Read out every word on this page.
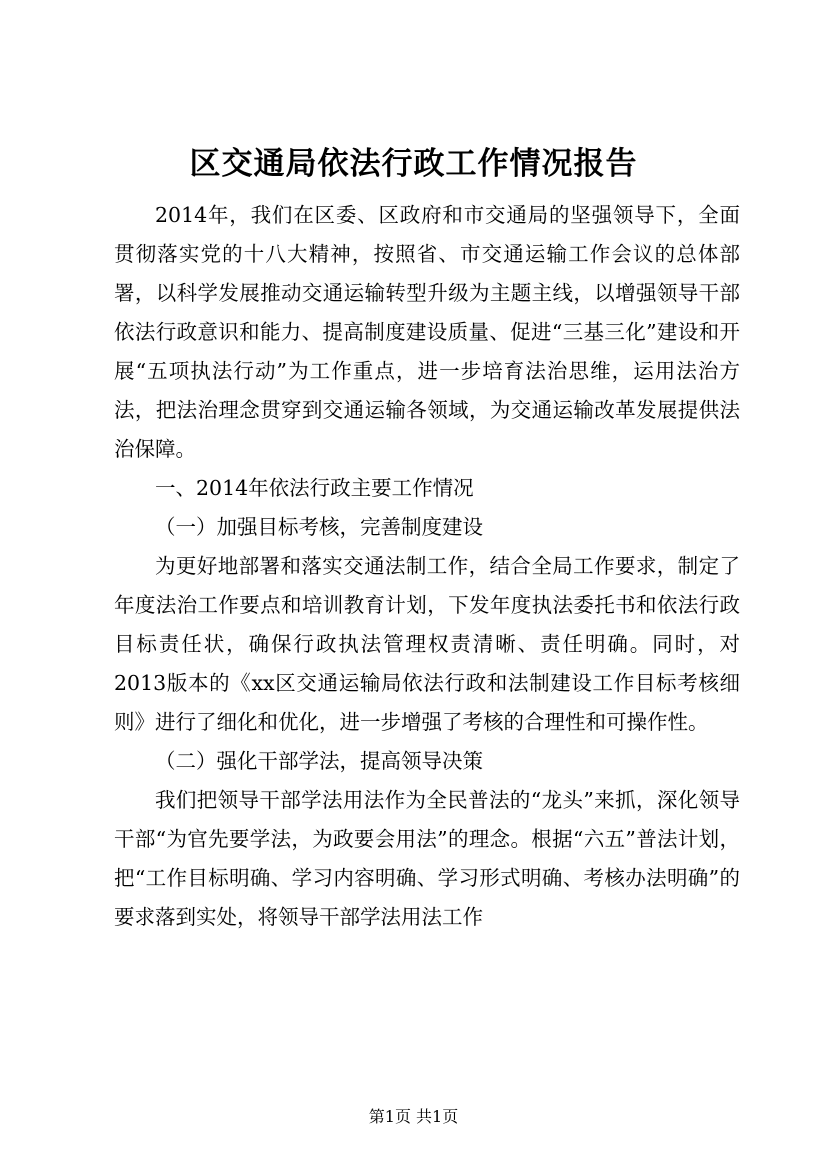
区交通局依法行政工作情况报告

2014年，我们在区委、区政府和市交通局的坚强领导下，全面贯彻落实党的十八大精神，按照省、市交通运输工作会议的总体部署，以科学发展推动交通运输转型升级为主题主线，以增强领导干部依法行政意识和能力、提高制度建设质量、促进“三基三化”建设和开展“五项执法行动”为工作重点，进一步培育法治思维，运用法治方法，把法治理念贯穿到交通运输各领域，为交通运输改革发展提供法治保障。

一、2014年依法行政主要工作情况

（一）加强目标考核，完善制度建设

为更好地部署和落实交通法制工作，结合全局工作要求，制定了年度法治工作要点和培训教育计划，下发年度执法委托书和依法行政目标责任状，确保行政执法管理权责清晰、责任明确。同时，对2013版本的《xx区交通运输局依法行政和法制建设工作目标考核细则》进行了细化和优化，进一步增强了考核的合理性和可操作性。

（二）强化干部学法，提高领导决策

我们把领导干部学法用法作为全民普法的“龙头”来抓，深化领导干部“为官先要学法，为政要会用法”的理念。根据“六五”普法计划，把“工作目标明确、学习内容明确、学习形式明确、考核办法明确”的要求落到实处，将领导干部学法用法工作

第1页 共1页
